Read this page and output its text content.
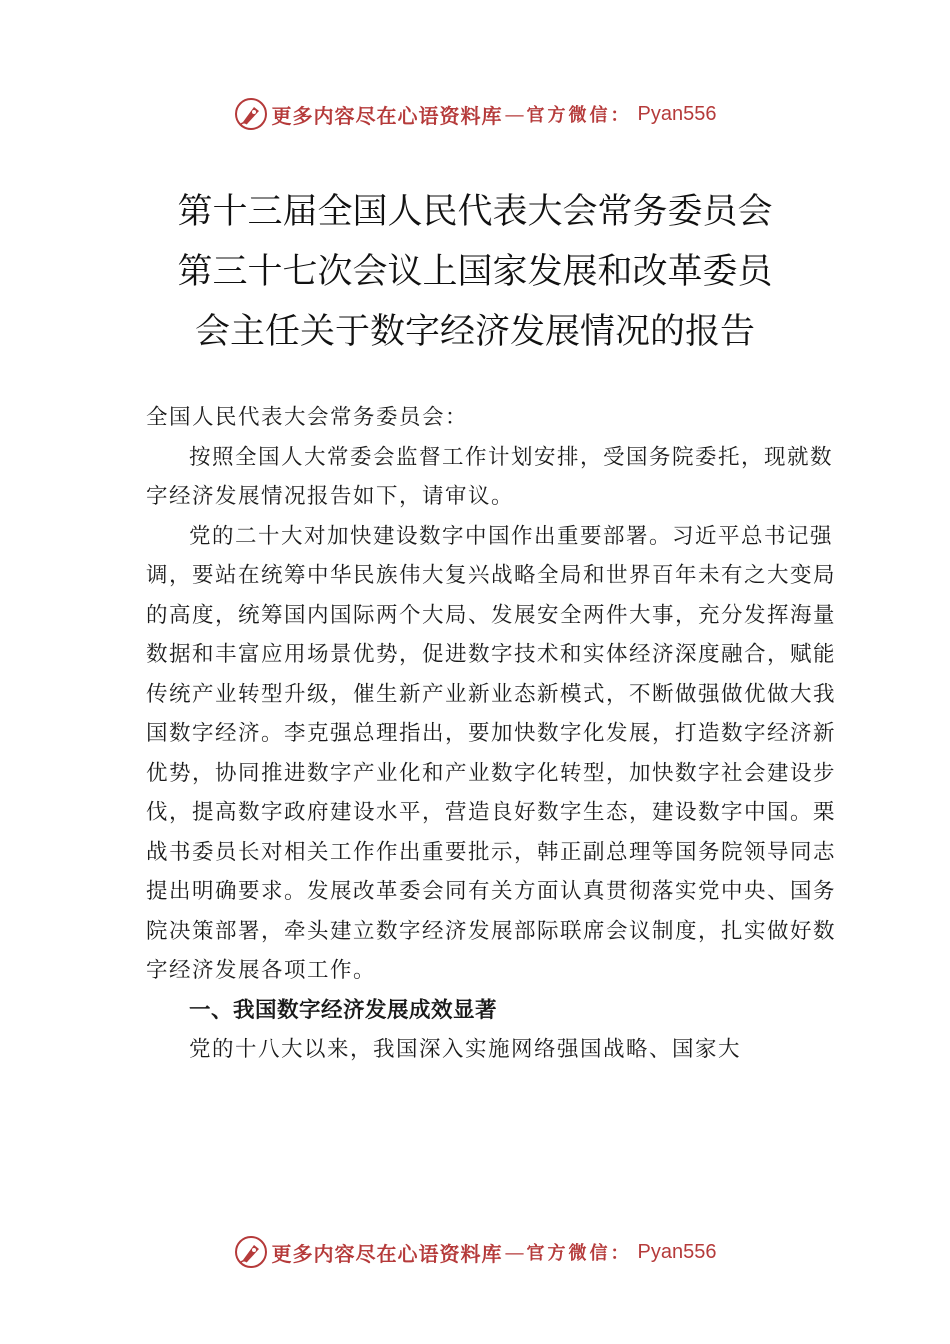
更多内容尽在心语资料库 — 官方微信： Pyan556
第十三届全国人民代表大会常务委员会
第三十七次会议上国家发展和改革委员
会主任关于数字经济发展情况的报告

全国人民代表大会常务委员会：

按照全国人大常委会监督工作计划安排，受国务院委托，现就数字经济发展情况报告如下，请审议。

党的二十大对加快建设数字中国作出重要部署。习近平总书记强调，要站在统筹中华民族伟大复兴战略全局和世界百年未有之大变局的高度，统筹国内国际两个大局、发展安全两件大事，充分发挥海量数据和丰富应用场景优势，促进数字技术和实体经济深度融合，赋能传统产业转型升级，催生新产业新业态新模式，不断做强做优做大我国数字经济。李克强总理指出，要加快数字化发展，打造数字经济新优势，协同推进数字产业化和产业数字化转型，加快数字社会建设步伐，提高数字政府建设水平，营造良好数字生态，建设数字中国。栗战书委员长对相关工作作出重要批示，韩正副总理等国务院领导同志提出明确要求。发展改革委会同有关方面认真贯彻落实党中央、国务院决策部署，牵头建立数字经济发展部际联席会议制度，扎实做好数字经济发展各项工作。

一、我国数字经济发展成效显著

党的十八大以来，我国深入实施网络强国战略、国家大

更多内容尽在心语资料库 — 官方微信： Pyan556
